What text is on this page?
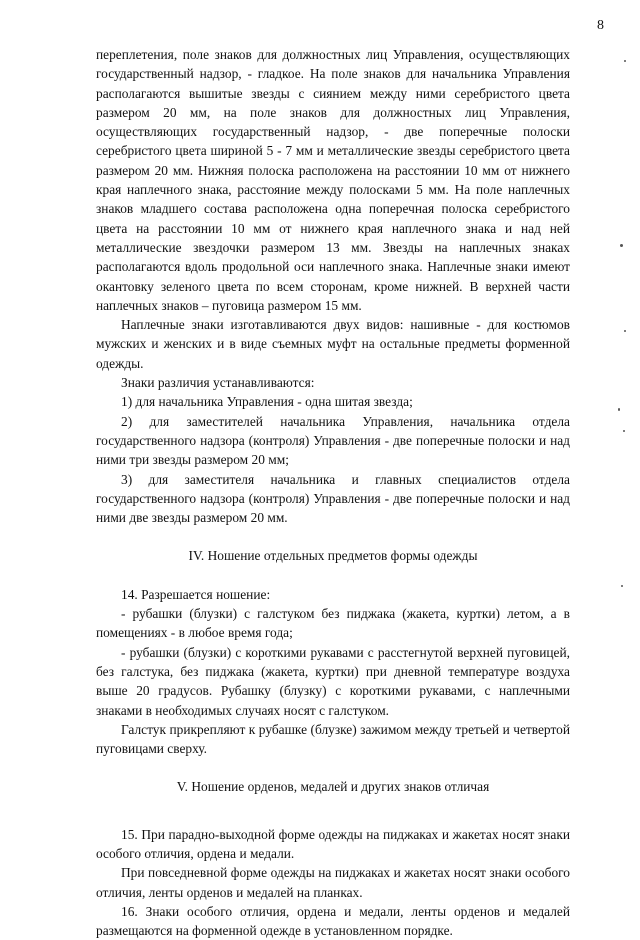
8

переплетения, поле знаков для должностных лиц Управления, осуществляющих государственный надзор, - гладкое. На поле знаков для начальника Управления располагаются вышитые звезды с сиянием между ними серебристого цвета размером 20 мм, на поле знаков для должностных лиц Управления, осуществляющих государственный надзор, - две поперечные полоски серебристого цвета шириной 5 - 7 мм и металлические звезды серебристого цвета размером 20 мм. Нижняя полоска расположена на расстоянии 10 мм от нижнего края наплечного знака, расстояние между полосками 5 мм. На поле наплечных знаков младшего состава расположена одна поперечная полоска серебристого цвета на расстоянии 10 мм от нижнего края наплечного знака и над ней металлические звездочки размером 13 мм. Звезды на наплечных знаках располагаются вдоль продольной оси наплечного знака. Наплечные знаки имеют окантовку зеленого цвета по всем сторонам, кроме нижней. В верхней части наплечных знаков – пуговица размером 15 мм.

Наплечные знаки изготавливаются двух видов: нашивные - для костюмов мужских и женских и в виде съемных муфт на остальные предметы форменной одежды.

Знаки различия устанавливаются:

1) для начальника Управления - одна шитая звезда;

2) для заместителей начальника Управления, начальника отдела государственного надзора (контроля) Управления - две поперечные полоски и над ними три звезды размером 20 мм;

3) для заместителя начальника и главных специалистов отдела государственного надзора (контроля) Управления - две поперечные полоски и над ними две звезды размером 20 мм.

IV. Ношение отдельных предметов формы одежды

14. Разрешается ношение:

- рубашки (блузки) с галстуком без пиджака (жакета, куртки) летом, а в помещениях - в любое время года;

- рубашки (блузки) с короткими рукавами с расстегнутой верхней пуговицей, без галстука, без пиджака (жакета, куртки) при дневной температуре воздуха выше 20 градусов. Рубашку (блузку) с короткими рукавами, с наплечными знаками в необходимых случаях носят с галстуком.

Галстук прикрепляют к рубашке (блузке) зажимом между третьей и четвертой пуговицами сверху.

V. Ношение орденов, медалей и других знаков отличая

15. При парадно-выходной форме одежды на пиджаках и жакетах носят знаки особого отличия, ордена и медали.

При повседневной форме одежды на пиджаках и жакетах носят знаки особого отличия, ленты орденов и медалей на планках.

16. Знаки особого отличия, ордена и медали, ленты орденов и медалей размещаются на форменной одежде в установленном порядке.
